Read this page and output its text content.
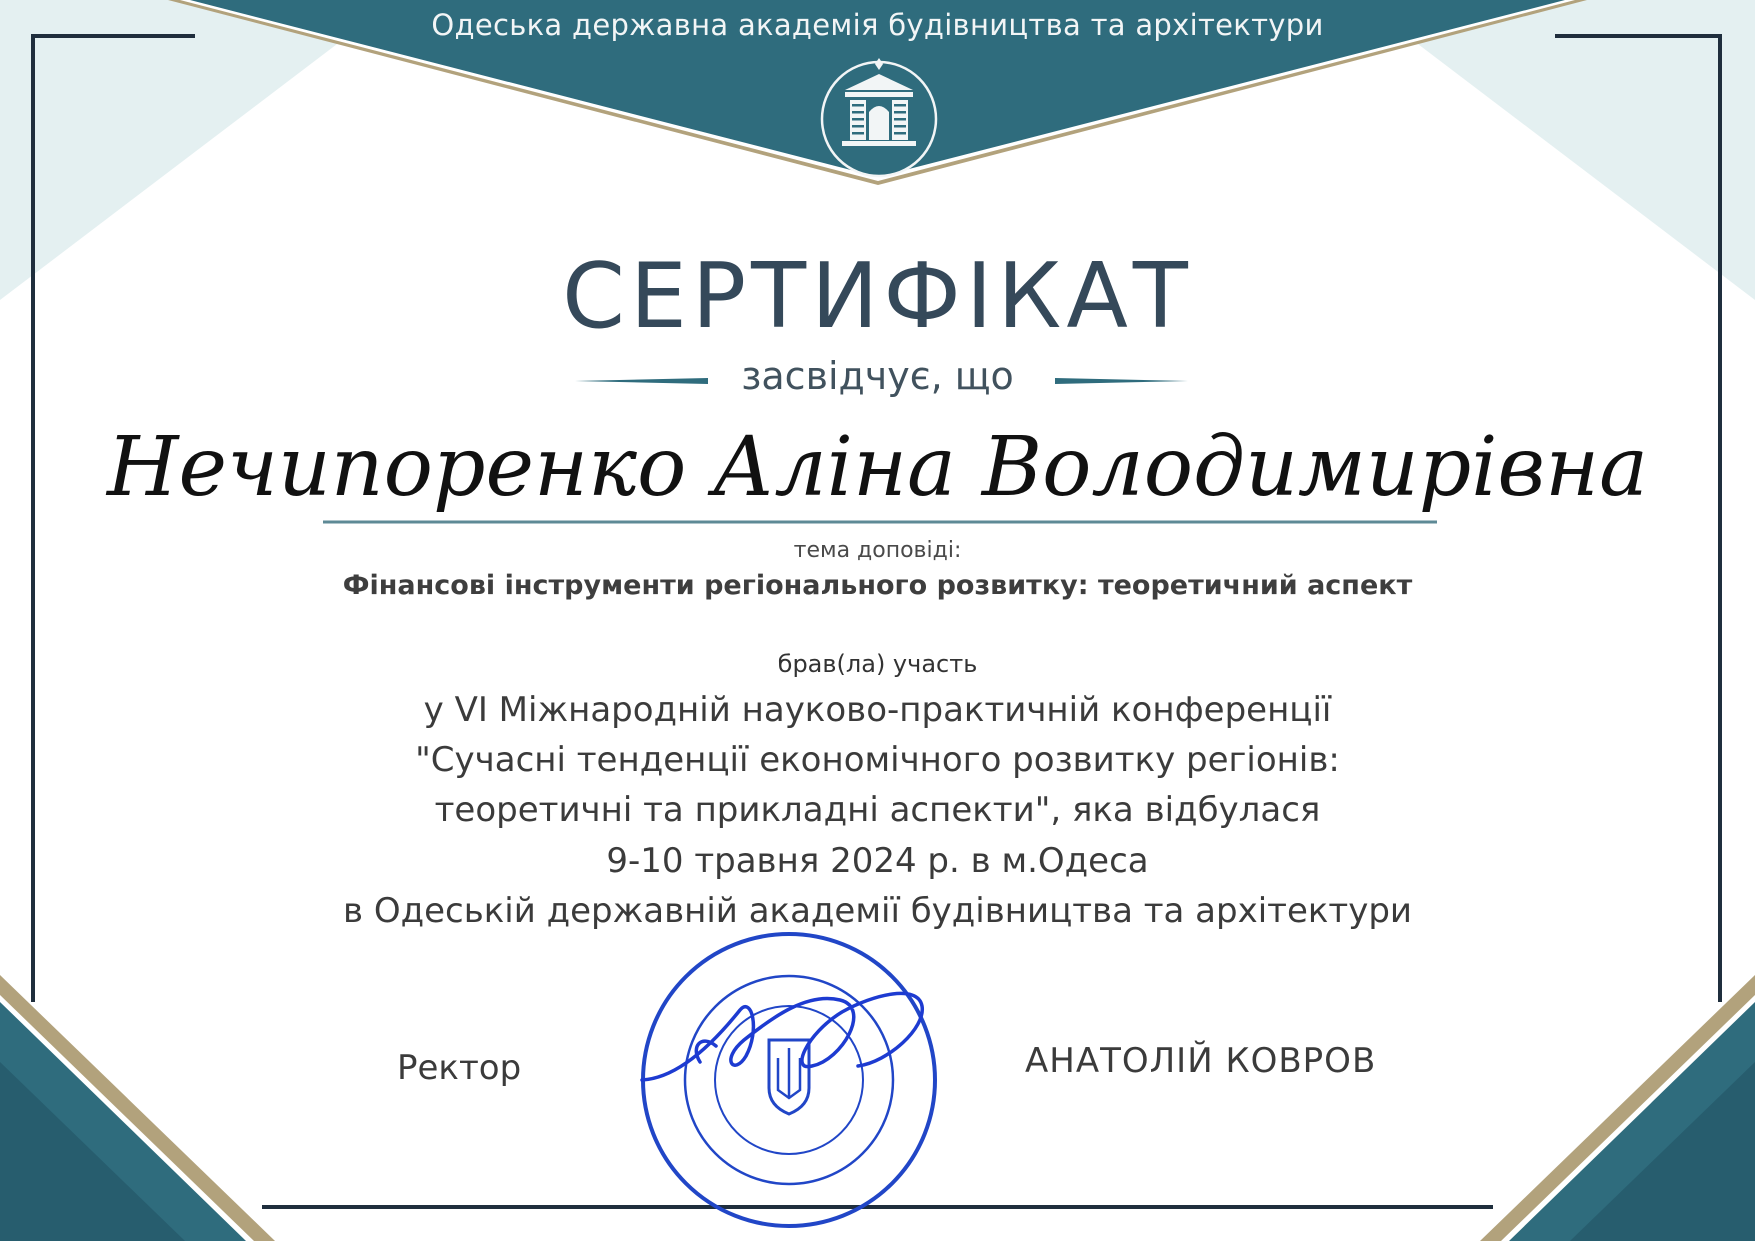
Одеська державна академія будівництва та архітектури
СЕРТИФІКАТ
засвідчує, що
Нечипоренко Аліна Володимирівна
тема доповіді:
Фінансові інструменти регіонального розвитку: теоретичний аспект
брав(ла) участь
у VI Міжнародній науково-практичній конференції
"Сучасні тенденції економічного розвитку регіонів:
теоретичні та прикладні аспекти", яка відбулася
9-10 травня 2024 р. в м.Одеса
в Одеській державній академії будівництва та архітектури
Ректор	АНАТОЛІЙ КОВРОВ
